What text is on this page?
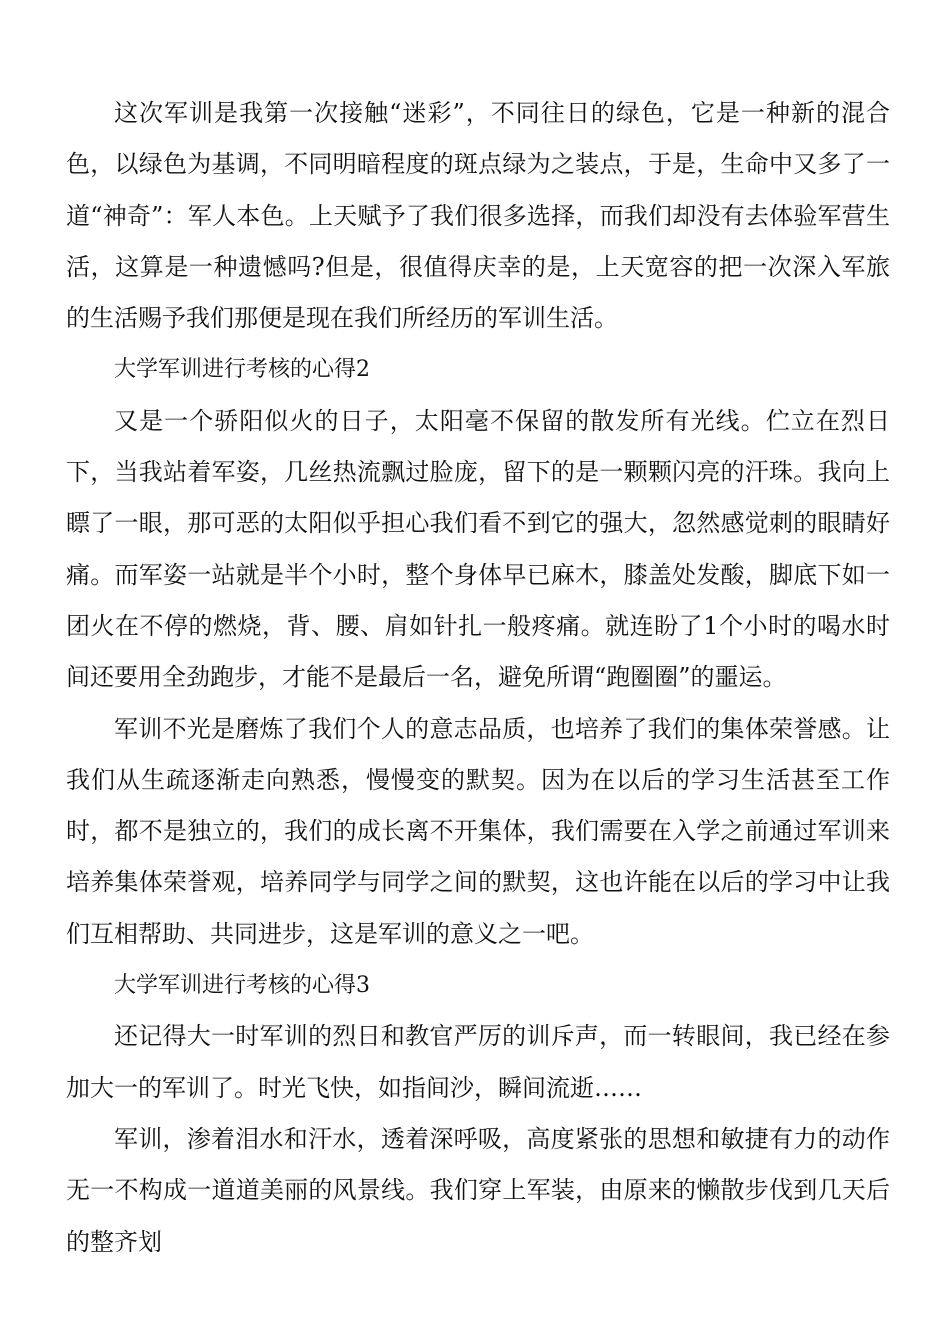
这次军训是我第一次接触“迷彩”，不同往日的绿色，它是一种新的混合色，以绿色为基调，不同明暗程度的斑点绿为之装点，于是，生命中又多了一道“神奇”：军人本色。上天赋予了我们很多选择，而我们却没有去体验军营生活，这算是一种遗憾吗?但是，很值得庆幸的是，上天宽容的把一次深入军旅的生活赐予我们那便是现在我们所经历的军训生活。

大学军训进行考核的心得2

又是一个骄阳似火的日子，太阳毫不保留的散发所有光线。伫立在烈日下，当我站着军姿，几丝热流飘过脸庞，留下的是一颗颗闪亮的汗珠。我向上瞟了一眼，那可恶的太阳似乎担心我们看不到它的强大，忽然感觉刺的眼睛好痛。而军姿一站就是半个小时，整个身体早已麻木，膝盖处发酸，脚底下如一团火在不停的燃烧，背、腰、肩如针扎一般疼痛。就连盼了1个小时的喝水时间还要用全劲跑步，才能不是最后一名，避免所谓“跑圈圈”的噩运。

军训不光是磨炼了我们个人的意志品质，也培养了我们的集体荣誉感。让我们从生疏逐渐走向熟悉，慢慢变的默契。因为在以后的学习生活甚至工作时，都不是独立的，我们的成长离不开集体，我们需要在入学之前通过军训来培养集体荣誉观，培养同学与同学之间的默契，这也许能在以后的学习中让我们互相帮助、共同进步，这是军训的意义之一吧。

大学军训进行考核的心得3

还记得大一时军训的烈日和教官严厉的训斥声，而一转眼间，我已经在参加大一的军训了。时光飞快，如指间沙，瞬间流逝……

军训，渗着泪水和汗水，透着深呼吸，高度紧张的思想和敏捷有力的动作无一不构成一道道美丽的风景线。我们穿上军装，由原来的懒散步伐到几天后的整齐划
